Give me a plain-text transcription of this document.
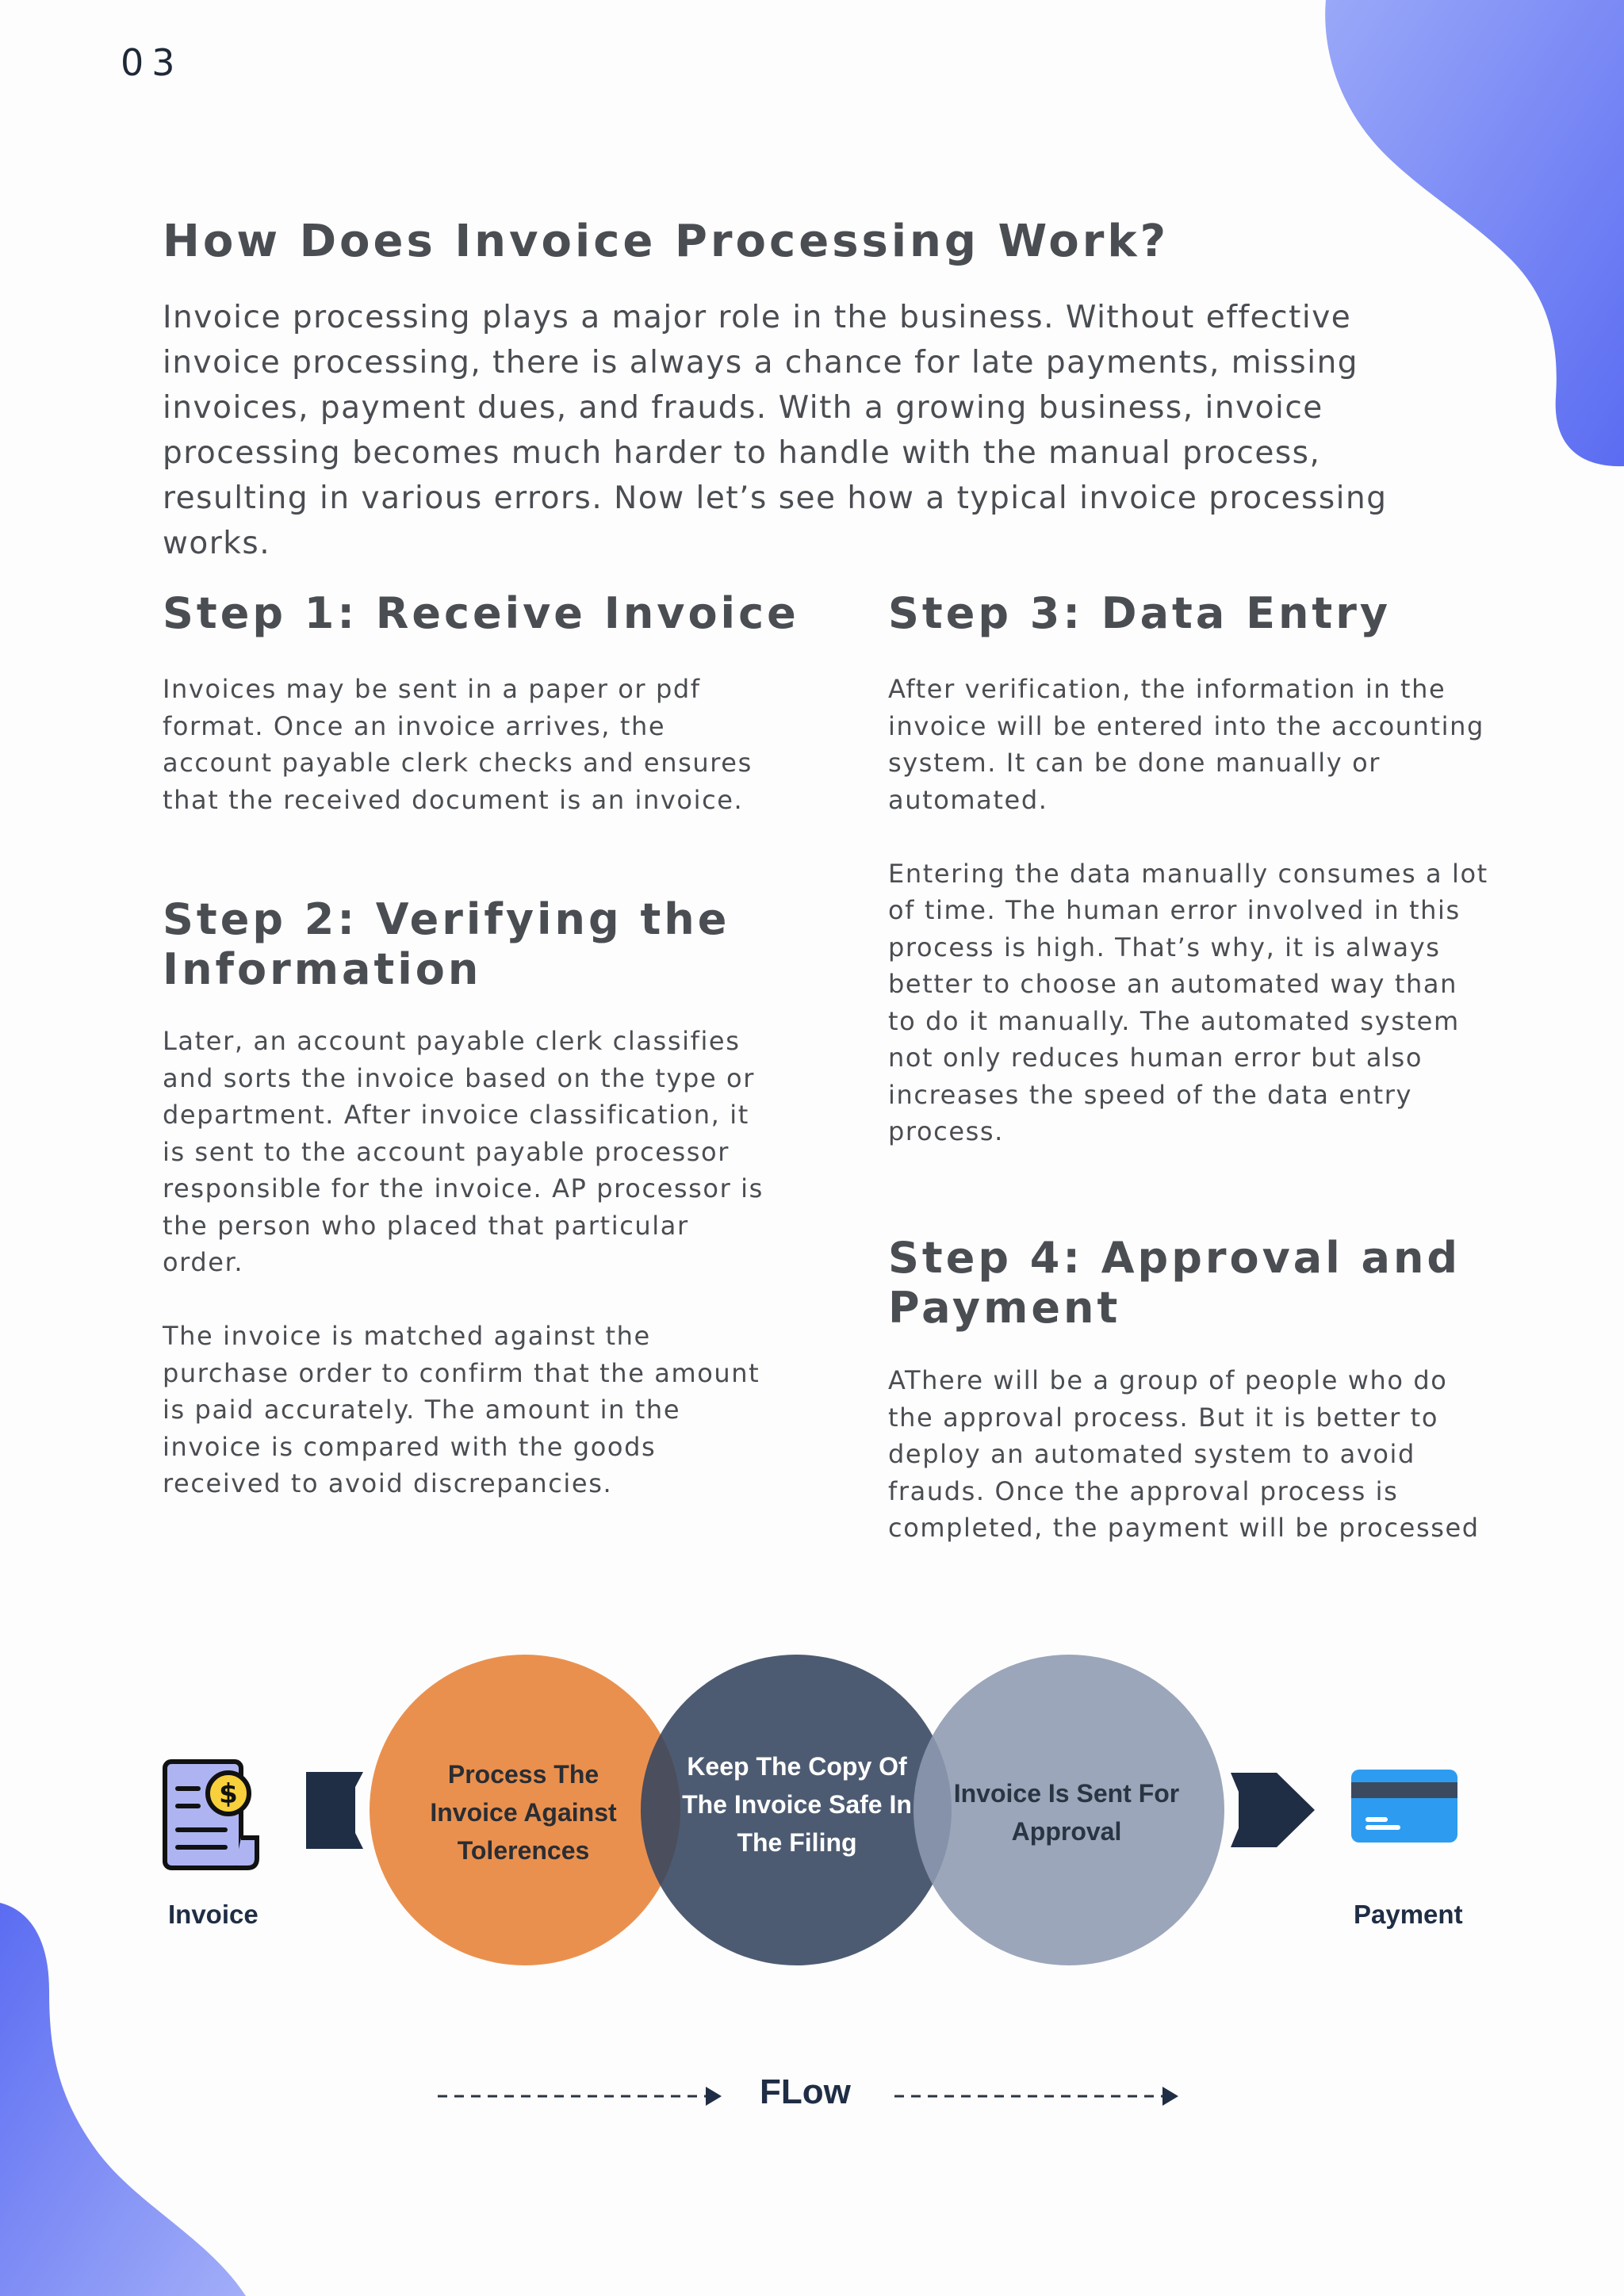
03
How Does Invoice Processing Work?

Invoice processing plays a major role in the business. Without effective invoice processing, there is always a chance for late payments, missing invoices, payment dues, and frauds. With a growing business, invoice processing becomes much harder to handle with the manual process, resulting in various errors. Now let’s see how a typical invoice processing works.

Step 1: Receive Invoice

Invoices may be sent in a paper or pdf format. Once an invoice arrives, the account payable clerk checks and ensures that the received document is an invoice.

Step 2: Verifying the Information

Later, an account payable clerk classifies and sorts the invoice based on the type or department. After invoice classification, it is sent to the account payable processor responsible for the invoice. AP processor is the person who placed that particular order.

The invoice is matched against the purchase order to confirm that the amount is paid accurately. The amount in the invoice is compared with the goods received to avoid discrepancies.

Step 3: Data Entry

After verification, the information in the invoice will be entered into the accounting system. It can be done manually or automated.

Entering the data manually consumes a lot of time. The human error involved in this process is high. That’s why, it is always better to choose an automated way than to do it manually. The automated system not only reduces human error but also increases the speed of the data entry process.

Step 4: Approval and Payment

AThere will be a group of people who do the approval process. But it is better to deploy an automated system to avoid frauds. Once the approval process is completed, the payment will be processed

$
Invoice	Payment
Process The Invoice Against Tolerences
Keep The Copy Of The Invoice Safe In The Filing
Invoice Is Sent For Approval
FLow
